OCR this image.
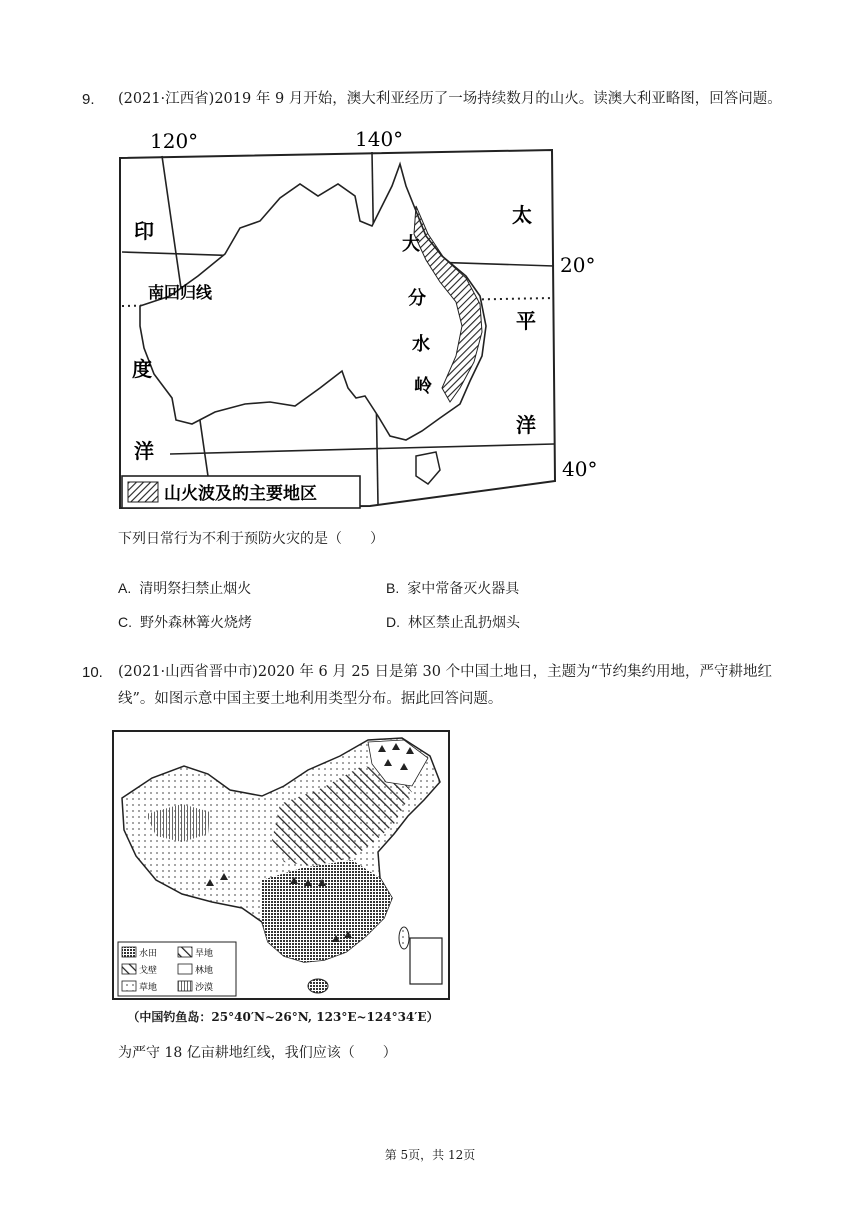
9. (2021·江西省)2019 年 9 月开始，澳大利亚经历了一场持续数月的山火。读澳大利亚略图，回答问题。
120°	140°
20°
40°
南回归线
印
度
洋
太
平
洋
大
分
水
岭
山火波及的主要地区
下列日常行为不利于预防火灾的是（　　）
A. 清明祭扫禁止烟火	B. 家中常备灭火器具
C. 野外森林篝火烧烤	D. 林区禁止乱扔烟头
10. (2021·山西省晋中市)2020 年 6 月 25 日是第 30 个中国土地日，主题为“节约集约用地，严守耕地红线”。如图示意中国主要土地利用类型分布。据此回答问题。
水田	旱地
戈壁	林地
草地	沙漠
（中国钓鱼岛：25°40′N~26°N, 123°E~124°34′E）
为严守 18 亿亩耕地红线，我们应该（　　）
第 5页，共 12页
